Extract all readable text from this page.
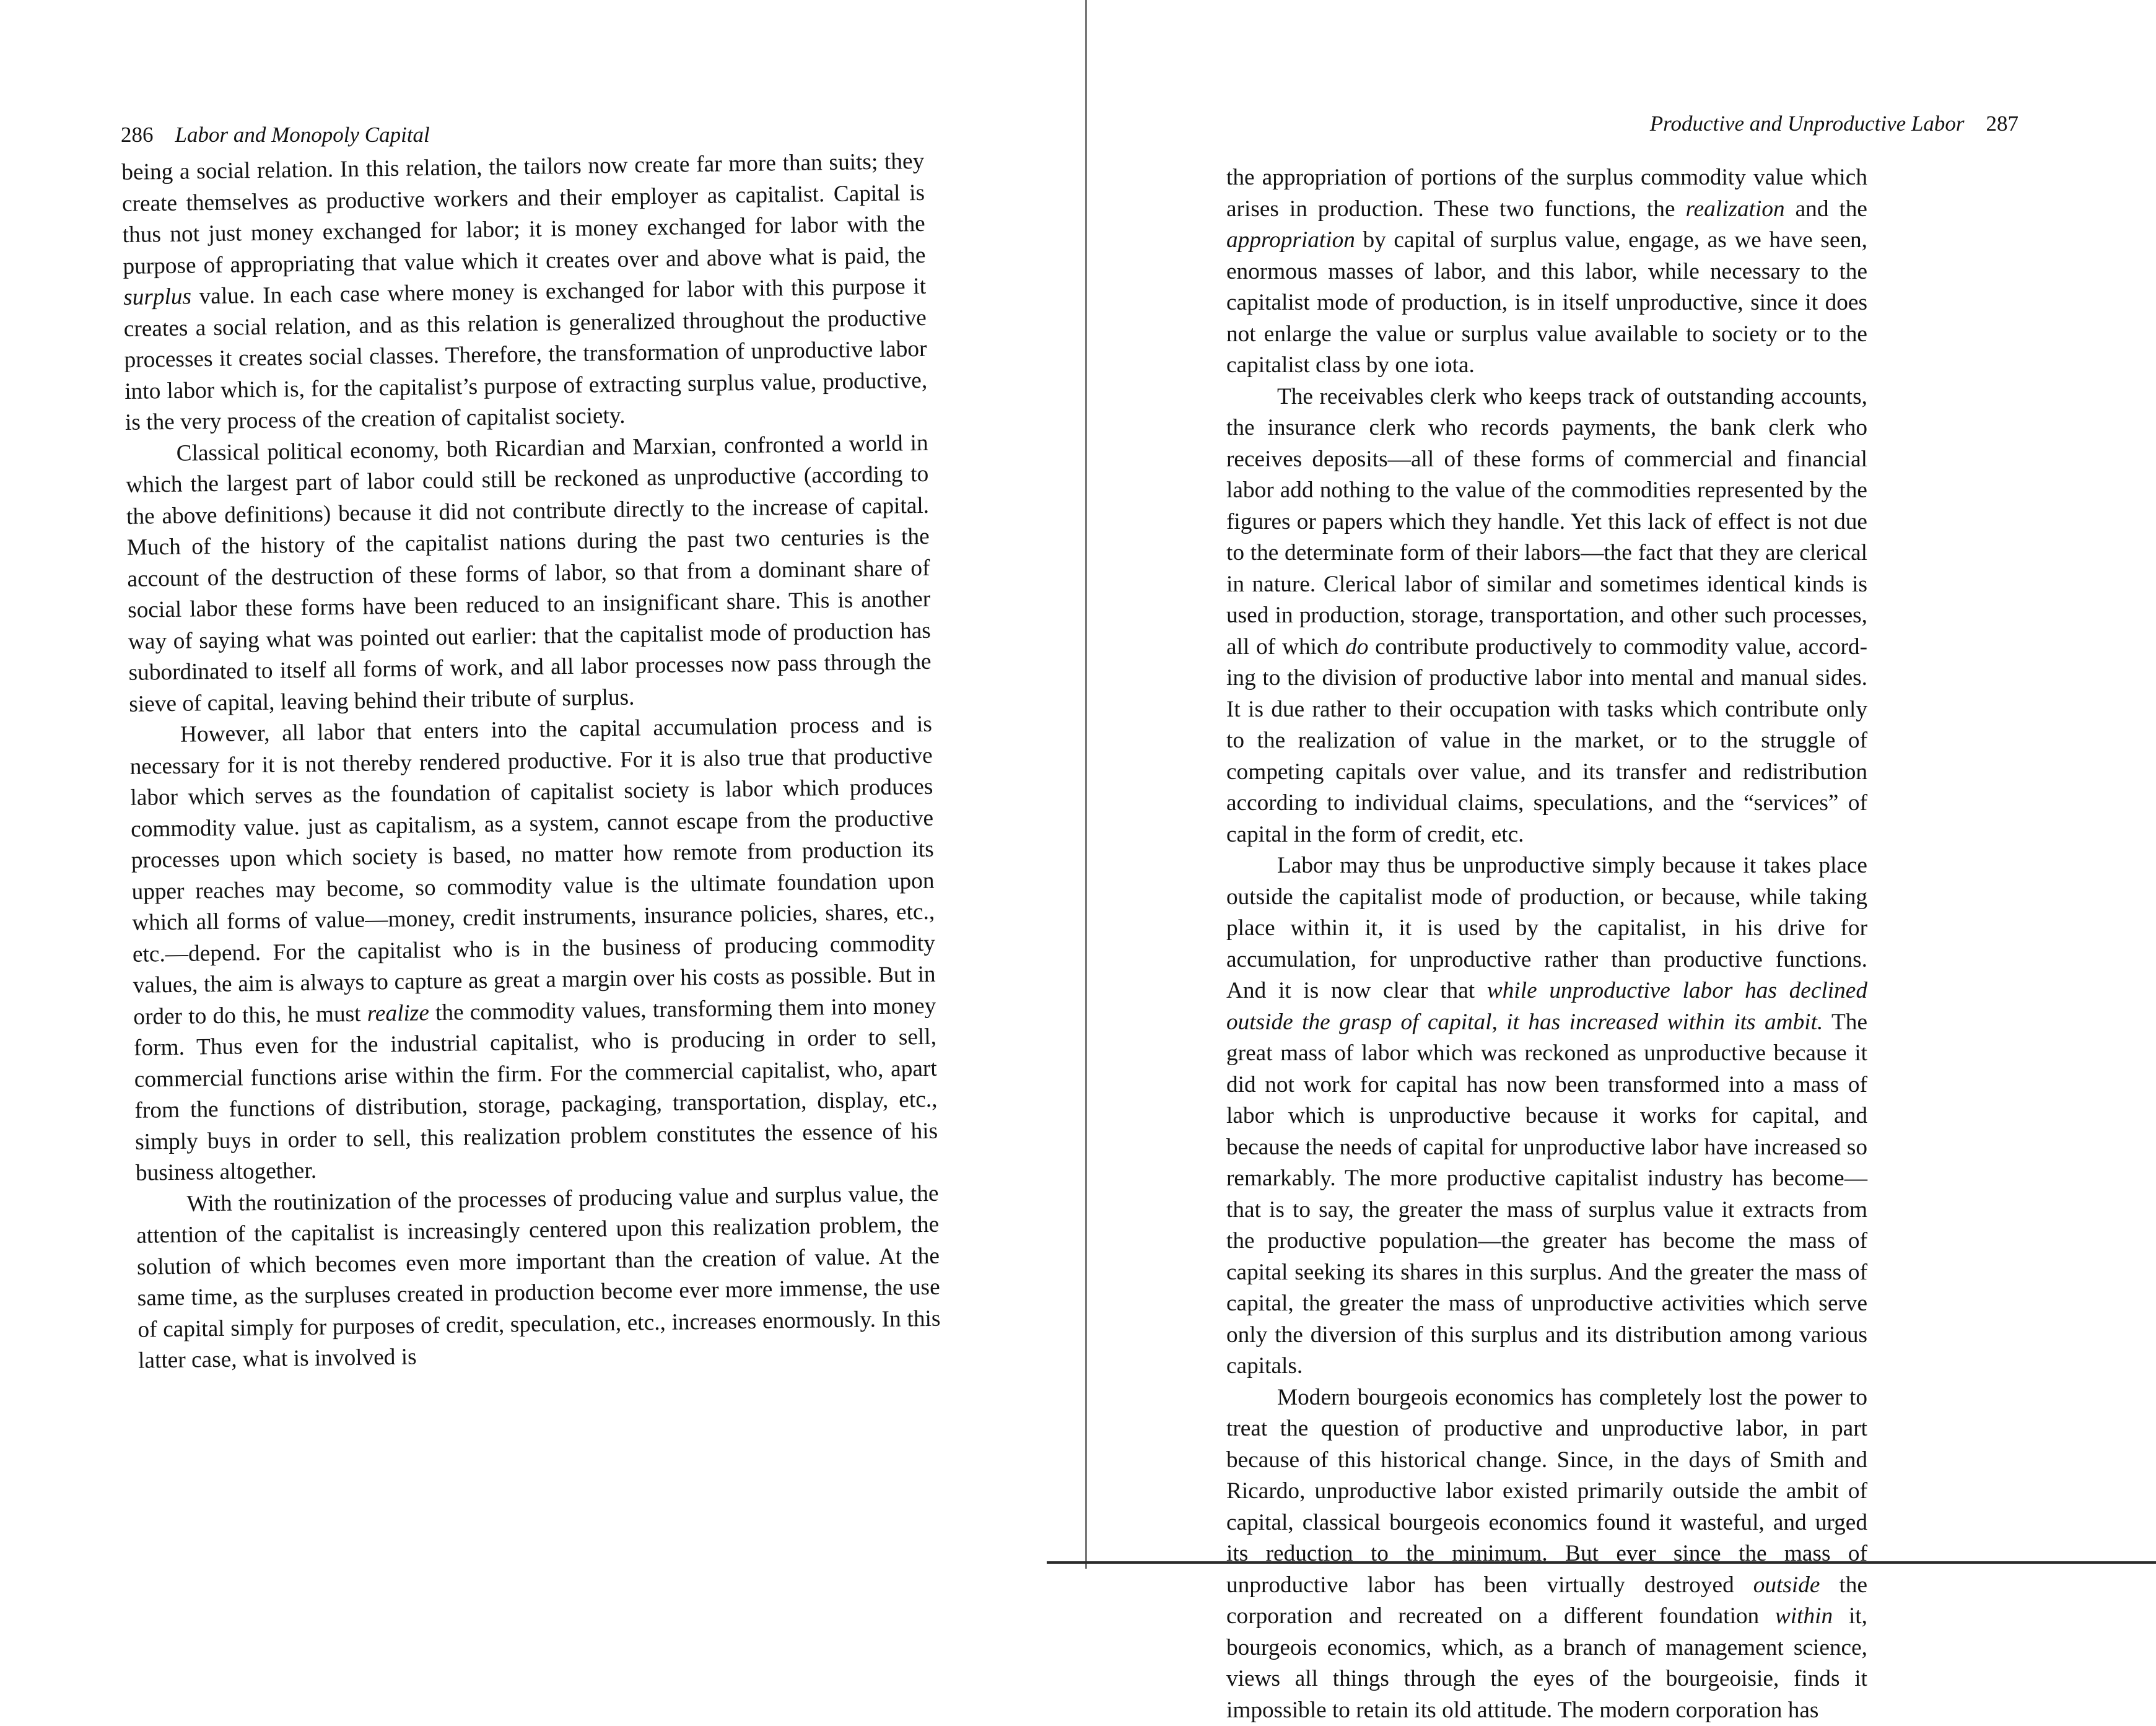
286 Labor and Monopoly Capital

being a social relation. In this relation, the tailors now create far more than suits; they create themselves as productive workers and their employer as capitalist. Capital is thus not just money exchanged for labor; it is money exchanged for labor with the purpose of appropriating that value which it creates over and above what is paid, the surplus value. In each case where money is exchanged for labor with this purpose it creates a social relation, and as this relation is generalized throughout the productive processes it creates social classes. Therefore, the transformation of unproductive labor into labor which is, for the capitalist’s purpose of extracting surplus value, productive, is the very process of the creation of capitalist society.

Classical political economy, both Ricardian and Marxian, confronted a world in which the largest part of labor could still be reckoned as unproductive (according to the above definitions) because it did not contribute directly to the increase of capital. Much of the history of the capitalist nations during the past two centuries is the account of the destruction of these forms of labor, so that from a dominant share of social labor these forms have been reduced to an insignificant share. This is another way of saying what was pointed out earlier: that the capitalist mode of production has subordinated to itself all forms of work, and all labor processes now pass through the sieve of capital, leaving behind their tribute of surplus.

However, all labor that enters into the capital accumulation process and is necessary for it is not thereby rendered productive. For it is also true that productive labor which serves as the foundation of capitalist society is labor which produces commodity value. just as capitalism, as a system, cannot escape from the productive processes upon which society is based, no matter how remote from production its upper reaches may become, so commodity value is the ultimate foundation upon which all forms of value—money, credit instruments, insurance policies, shares, etc., etc.—depend. For the capitalist who is in the business of producing commodity values, the aim is always to capture as great a margin over his costs as possible. But in order to do this, he must realize the commodity values, transforming them into money form. Thus even for the industrial capitalist, who is producing in order to sell, commercial functions arise within the firm. For the commercial capitalist, who, apart from the functions of distribution, storage, packaging, transportation, display, etc., simply buys in order to sell, this realization problem constitutes the essence of his business altogether.

With the routinization of the processes of producing value and surplus value, the attention of the capitalist is increasingly centered upon this realization problem, the solution of which becomes even more important than the creation of value. At the same time, as the surpluses created in production become ever more immense, the use of capital simply for purposes of credit, speculation, etc., increases enormously. In this latter case, what is involved is

Productive and Unproductive Labor 287

the appropriation of portions of the surplus commodity value which arises in production. These two functions, the realization and the appropriation by capital of surplus value, engage, as we have seen, enormous masses of labor, and this labor, while necessary to the capitalist mode of production, is in itself unproductive, since it does not enlarge the value or surplus value available to society or to the capitalist class by one iota.

The receivables clerk who keeps track of outstanding accounts, the insurance clerk who records payments, the bank clerk who receives deposits—all of these forms of commercial and financial labor add nothing to the value of the commodities represented by the figures or papers which they handle. Yet this lack of effect is not due to the determinate form of their labors—the fact that they are clerical in nature. Clerical labor of similar and sometimes identical kinds is used in production, storage, transportation, and other such processes, all of which do contribute productively to commodity value, according to the division of productive labor into mental and manual sides. It is due rather to their occupation with tasks which contribute only to the realization of value in the market, or to the struggle of competing capitals over value, and its transfer and redistribution according to individual claims, speculations, and the “services” of capital in the form of credit, etc.

Labor may thus be unproductive simply because it takes place outside the capitalist mode of production, or because, while taking place within it, it is used by the capitalist, in his drive for accumulation, for unproductive rather than productive functions. And it is now clear that while unproductive labor has declined outside the grasp of capital, it has increased within its ambit. The great mass of labor which was reckoned as unproductive because it did not work for capital has now been transformed into a mass of labor which is unproductive because it works for capital, and because the needs of capital for unproductive labor have increased so remarkably. The more productive capitalist industry has become—that is to say, the greater the mass of surplus value it extracts from the productive population—the greater has become the mass of capital seeking its shares in this surplus. And the greater the mass of capital, the greater the mass of unproductive activities which serve only the diversion of this surplus and its distribution among various capitals.

Modern bourgeois economics has completely lost the power to treat the question of productive and unproductive labor, in part because of this historical change. Since, in the days of Smith and Ricardo, unproductive labor existed primarily outside the ambit of capital, classical bourgeois economics found it wasteful, and urged its reduction to the minimum. But ever since the mass of unproductive labor has been virtually destroyed outside the corporation and recreated on a different foundation within it, bourgeois economics, which, as a branch of management science, views all things through the eyes of the bourgeoisie, finds it impossible to retain its old attitude. The modern corporation has
